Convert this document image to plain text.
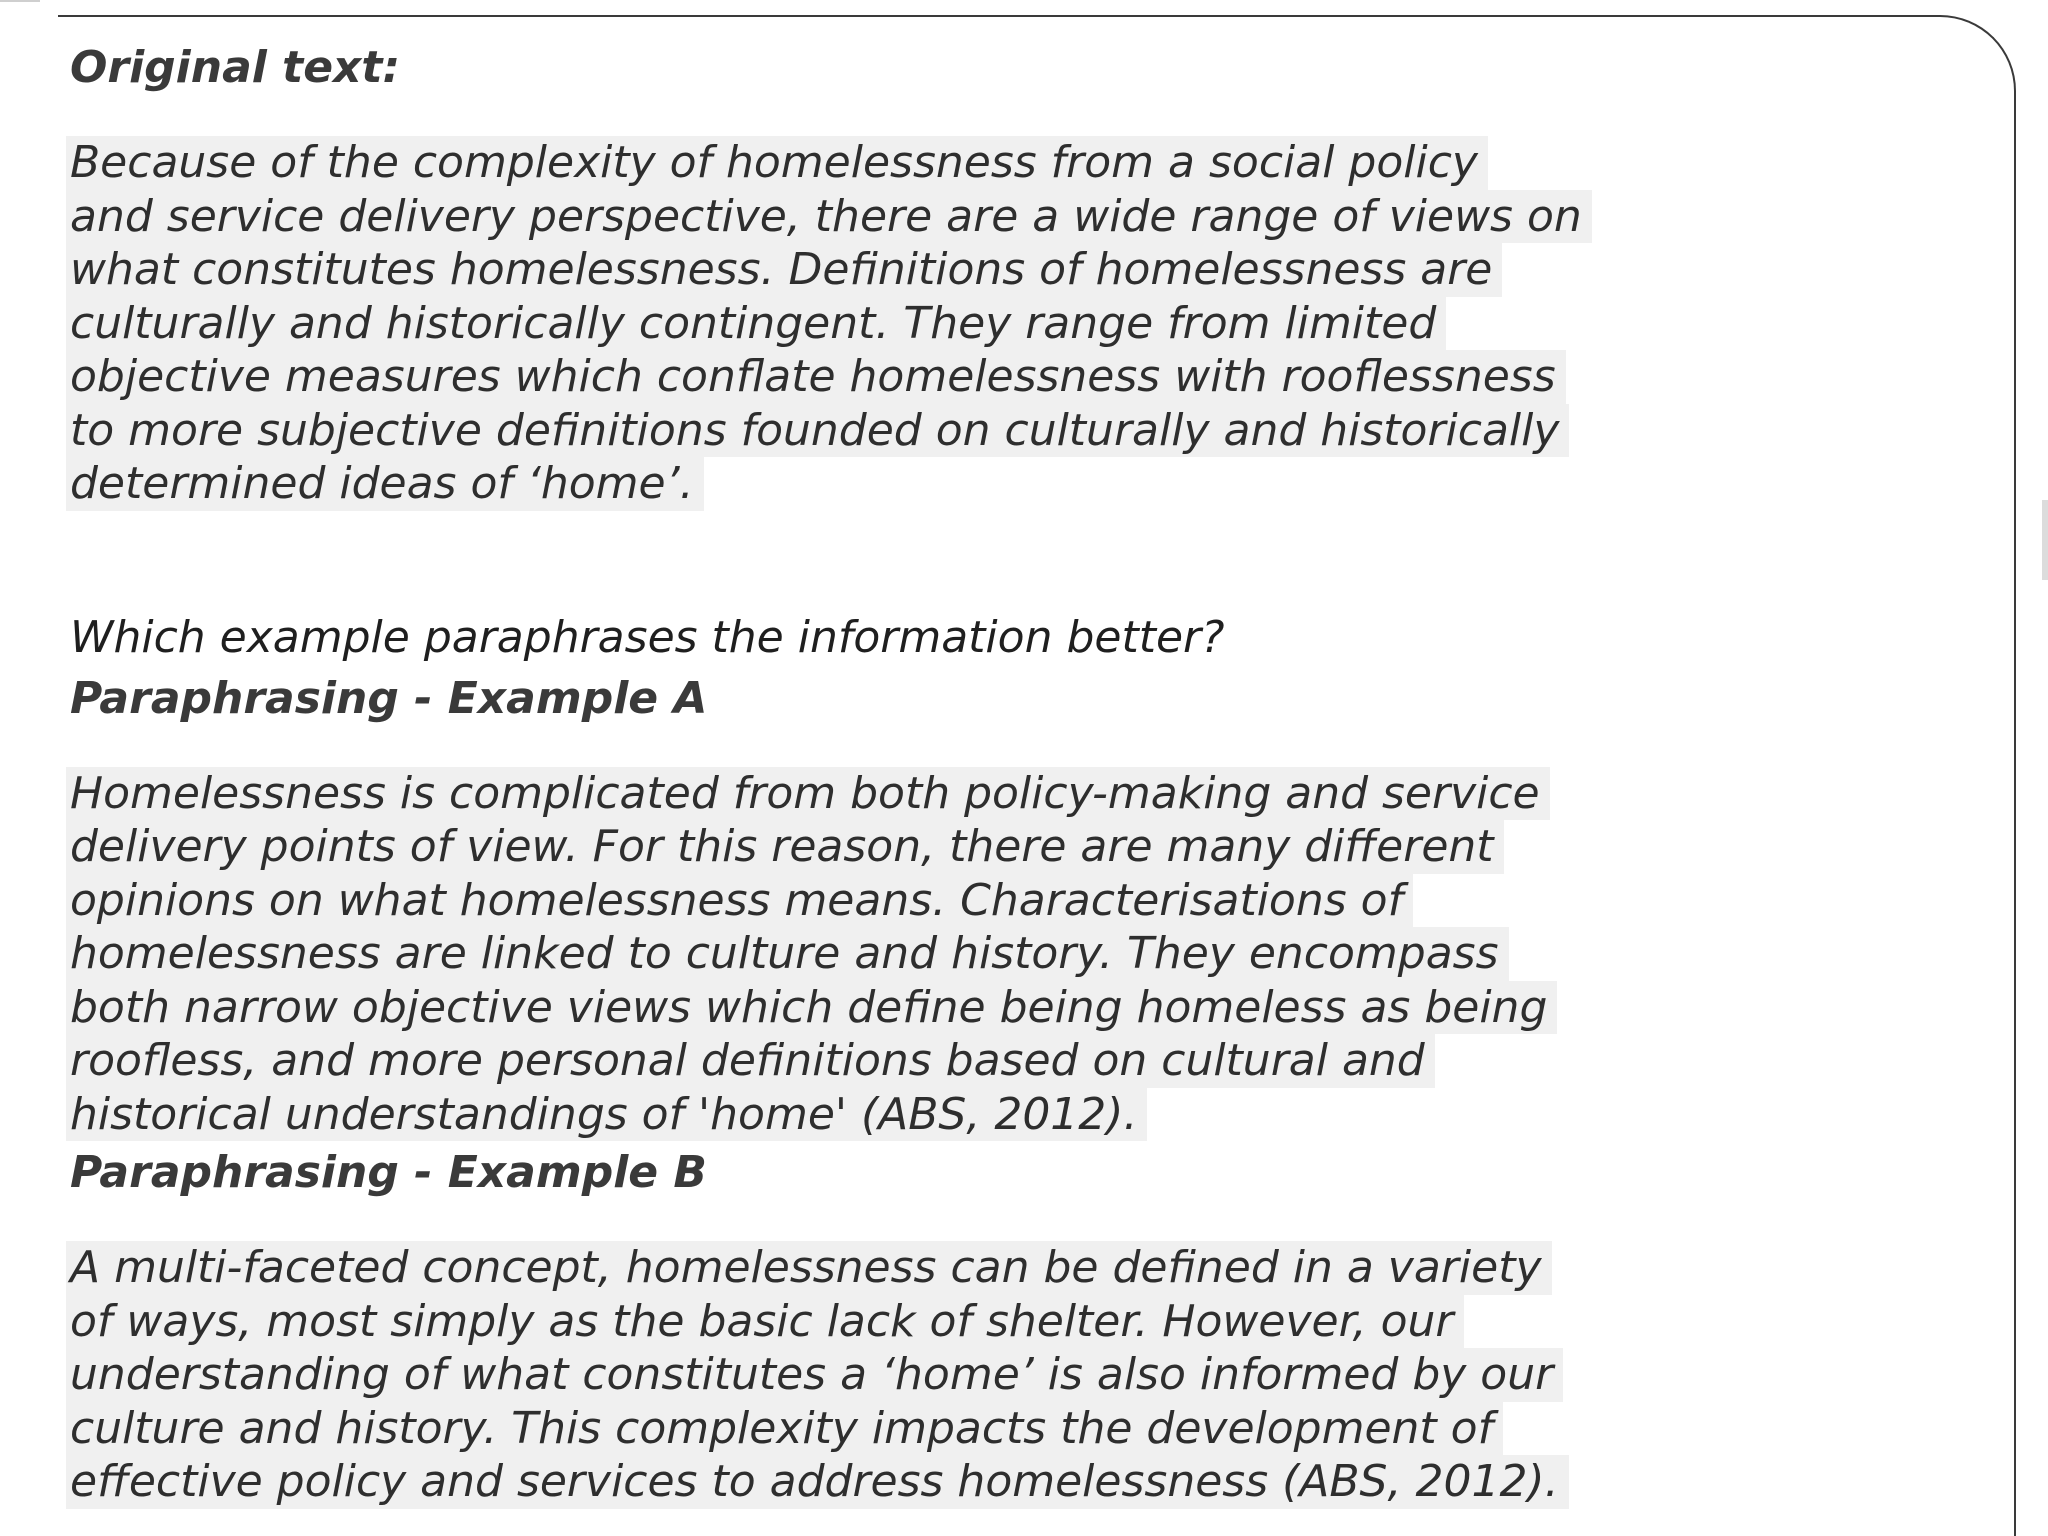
Original text:

Because of the complexity of homelessness from a social policy
and service delivery perspective, there are a wide range of views on
what constitutes homelessness. Definitions of homelessness are
culturally and historically contingent. They range from limited
objective measures which conflate homelessness with rooflessness
to more subjective definitions founded on culturally and historically
determined ideas of ‘home’.

Which example paraphrases the information better?

Paraphrasing - Example A

Homelessness is complicated from both policy-making and service
delivery points of view. For this reason, there are many different
opinions on what homelessness means. Characterisations of
homelessness are linked to culture and history. They encompass
both narrow objective views which define being homeless as being
roofless, and more personal definitions based on cultural and
historical understandings of 'home' (ABS, 2012).

Paraphrasing - Example B

A multi-faceted concept, homelessness can be defined in a variety
of ways, most simply as the basic lack of shelter. However, our
understanding of what constitutes a ‘home’ is also informed by our
culture and history. This complexity impacts the development of
effective policy and services to address homelessness (ABS, 2012).
